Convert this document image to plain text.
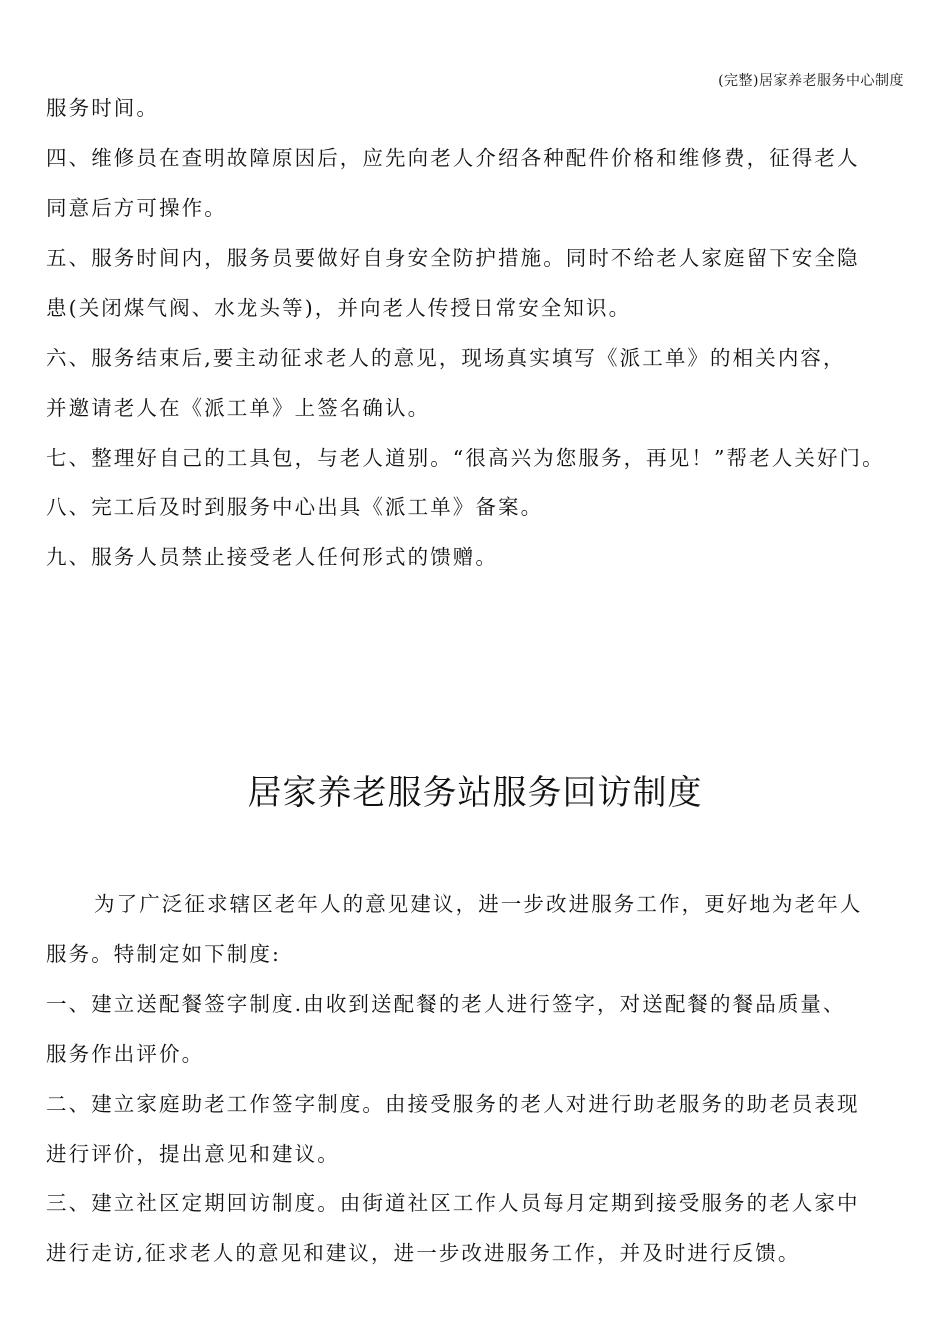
(完整)居家养老服务中心制度
服务时间。
四、维修员在查明故障原因后，应先向老人介绍各种配件价格和维修费，征得老人
同意后方可操作。
五、服务时间内，服务员要做好自身安全防护措施。同时不给老人家庭留下安全隐
患(关闭煤气阀、水龙头等)，并向老人传授日常安全知识。
六、服务结束后,要主动征求老人的意见，现场真实填写《派工单》的相关内容，
并邀请老人在《派工单》上签名确认。
七、整理好自己的工具包，与老人道别。“很高兴为您服务，再见！”帮老人关好门。
八、完工后及时到服务中心出具《派工单》备案。
九、服务人员禁止接受老人任何形式的馈赠。
居家养老服务站服务回访制度
为了广泛征求辖区老年人的意见建议，进一步改进服务工作，更好地为老年人
服务。特制定如下制度:
一、建立送配餐签字制度.由收到送配餐的老人进行签字，对送配餐的餐品质量、
服务作出评价。
二、建立家庭助老工作签字制度。由接受服务的老人对进行助老服务的助老员表现
进行评价，提出意见和建议。
三、建立社区定期回访制度。由街道社区工作人员每月定期到接受服务的老人家中
进行走访,征求老人的意见和建议，进一步改进服务工作，并及时进行反馈。
